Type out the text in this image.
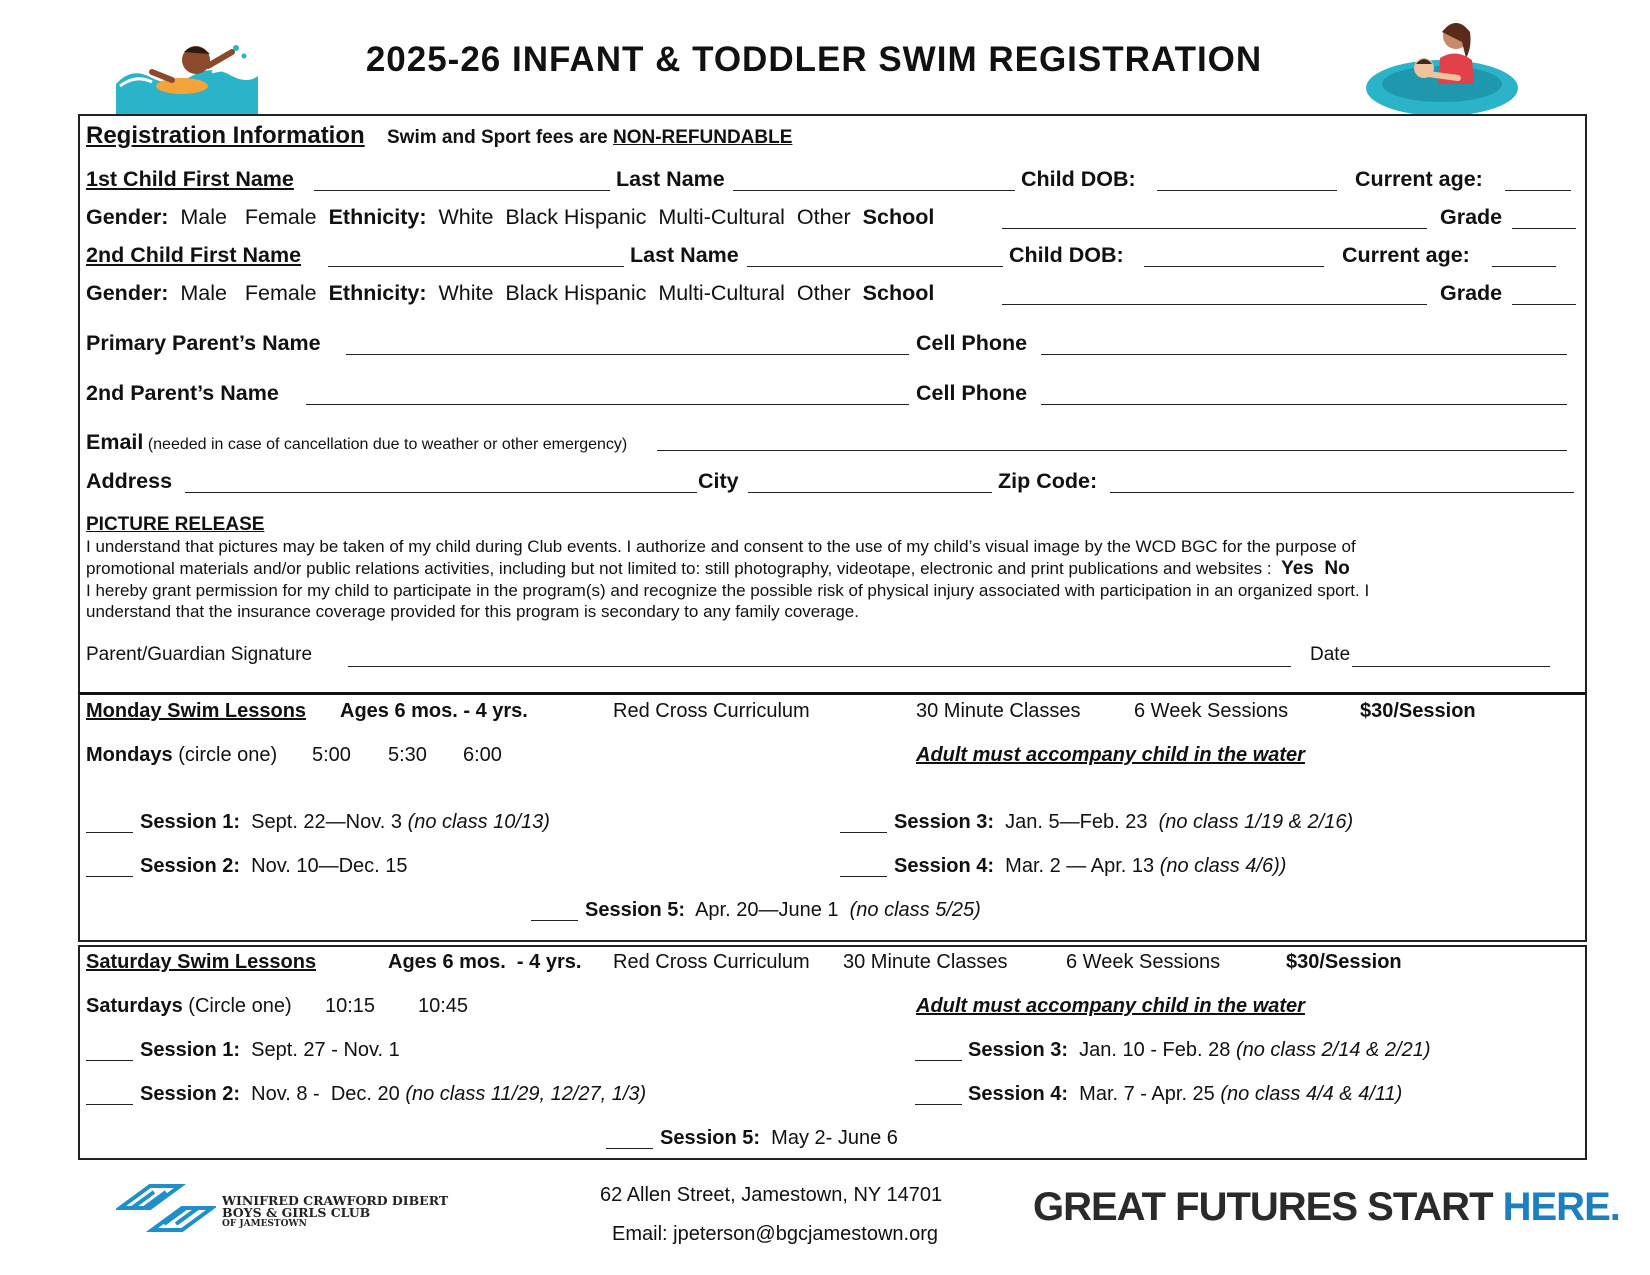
2025-26 INFANT & TODDLER SWIM REGISTRATION
Registration Information Swim and Sport fees are NON-REFUNDABLE
1st Child First Name	Last Name	Child DOB:	Current age:
Gender: Male   Female Ethnicity: White  Black Hispanic  Multi-Cultural  Other School	Grade
2nd Child First Name	Last Name	Child DOB:	Current age:
Gender: Male   Female Ethnicity: White  Black Hispanic  Multi-Cultural  Other School	Grade
Primary Parent’s Name	Cell Phone
2nd Parent’s Name	Cell Phone
Email (needed in case of cancellation due to weather or other emergency)
Address	City	Zip Code:
PICTURE RELEASE
I understand that pictures may be taken of my child during Club events. I authorize and consent to the use of my child’s visual image by the WCD BGC for the purpose of
promotional materials and/or public relations activities, including but not limited to: still photography, videotape, electronic and print publications and websites : Yes  No
I hereby grant permission for my child to participate in the program(s) and recognize the possible risk of physical injury associated with participation in an organized sport. I
understand that the insurance coverage provided for this program is secondary to any family coverage.
Parent/Guardian Signature	Date
Monday Swim Lessons Ages 6 mos. - 4 yrs.	Red Cross Curriculum	30 Minute Classes	6 Week Sessions	$30/Session
Mondays (circle one) 5:00 5:30 6:00	Adult must accompany child in the water
Session 1: Sept. 22—Nov. 3 (no class 10/13)
Session 2: Nov. 10—Dec. 15
Session 3: Jan. 5—Feb. 23  (no class 1/19 & 2/16)
Session 4: Mar. 2 — Apr. 13 (no class 4/6))
Session 5: Apr. 20—June 1  (no class 5/25)
Saturday Swim Lessons	Ages 6 mos.  - 4 yrs. Red Cross Curriculum 30 Minute Classes	6 Week Sessions	$30/Session
Saturdays (Circle one) 10:15 10:45	Adult must accompany child in the water
Session 1: Sept. 27 - Nov. 1
Session 2: Nov. 8 -  Dec. 20 (no class 11/29, 12/27, 1/3)
Session 3: Jan. 10 - Feb. 28 (no class 2/14 & 2/21)
Session 4: Mar. 7 - Apr. 25 (no class 4/4 & 4/11)
Session 5: May 2- June 6
WINIFRED CRAWFORD DIBERT
BOYS & GIRLS CLUB
OF JAMESTOWN
62 Allen Street, Jamestown, NY 14701
Email: jpeterson@bgcjamestown.org
GREAT FUTURES START HERE.
